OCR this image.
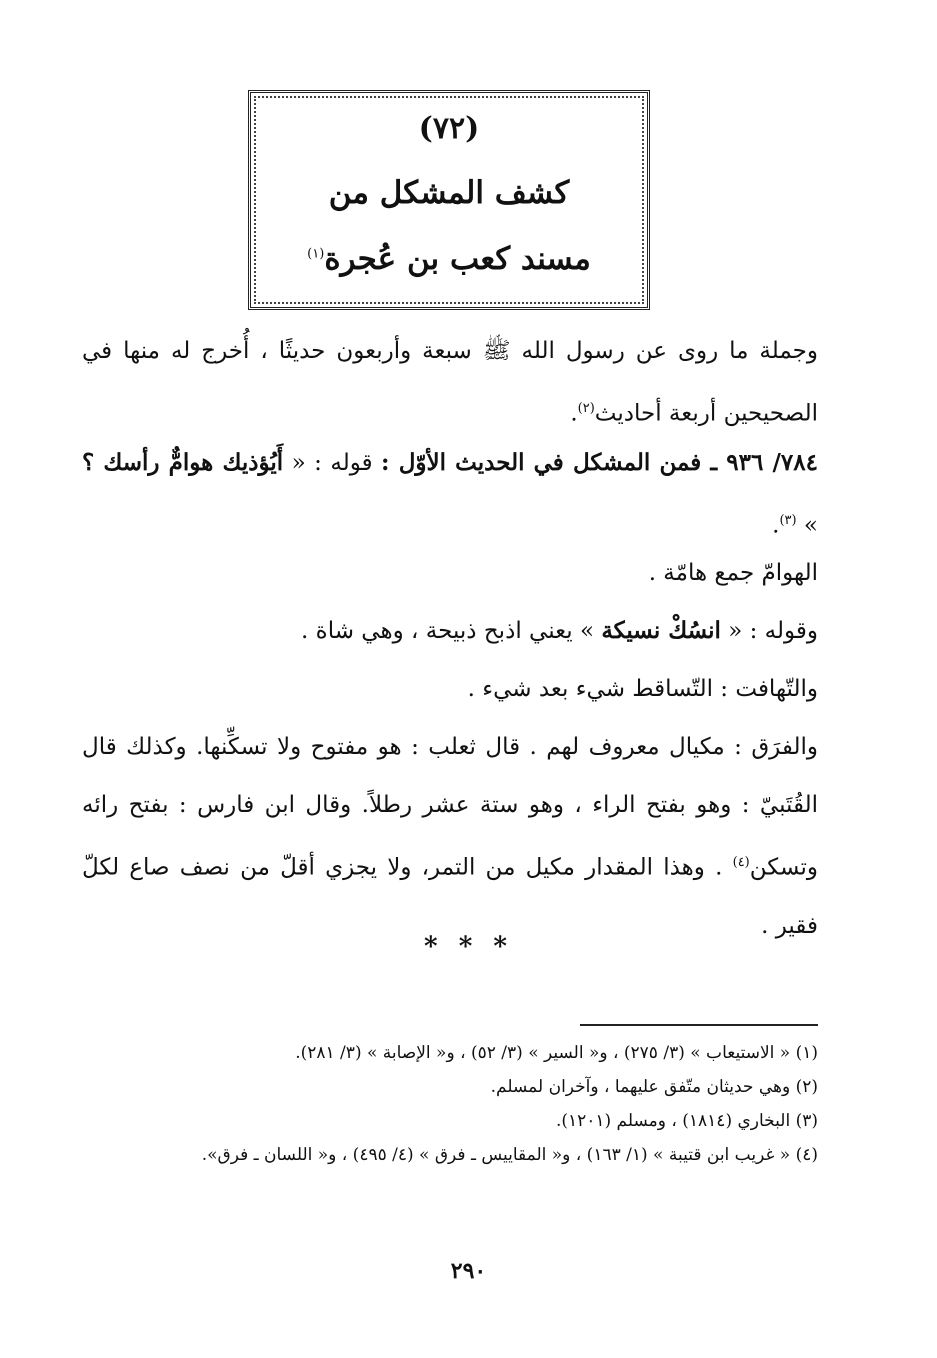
(٧٢)
كشف المشكل من
مسند كعب بن عُجرة$^{(١)}$
وجملة ما روى عن رسول الله ﷺ سبعة وأربعون حديثًا ، أُخرج له منها في الصحيحين أربعة أحاديث$^{(٢)}$.
٧٨٤/ ٩٣٦ ـ فمن المشكل في الحديث الأوّل : قوله : « أَيُؤذيك هوامٌّ رأسك ؟ » $^{(٣)}$.
الهوامّ جمع هامّة .
وقوله : « انسُكْ نسيكة » يعني اذبح ذبيحة ، وهي شاة .
والتّهافت : التّساقط شيء بعد شيء .
والفرَق : مكيال معروف لهم . قال ثعلب : هو مفتوح ولا تسكِّنها. وكذلك قال القُتَبيّ : وهو بفتح الراء ، وهو ستة عشر رطلاً. وقال ابن فارس : بفتح رائه وتسكن$^{(٤)}$ . وهذا المقدار مكيل من التمر، ولا يجزي أقلّ من نصف صاع لكلّ فقير .
* * *
(١) « الاستيعاب » (٣/ ٢٧٥) ، و« السير » (٣/ ٥٢) ، و« الإصابة » (٣/ ٢٨١).
(٢) وهي حديثان متّفق عليهما ، وآخران لمسلم.
(٣) البخاري (١٨١٤) ، ومسلم (١٢٠١).
(٤) « غريب ابن قتيبة » (١/ ١٦٣) ، و« المقاييس ـ فرق » (٤/ ٤٩٥) ، و« اللسان ـ فرق».
٢٩٠
